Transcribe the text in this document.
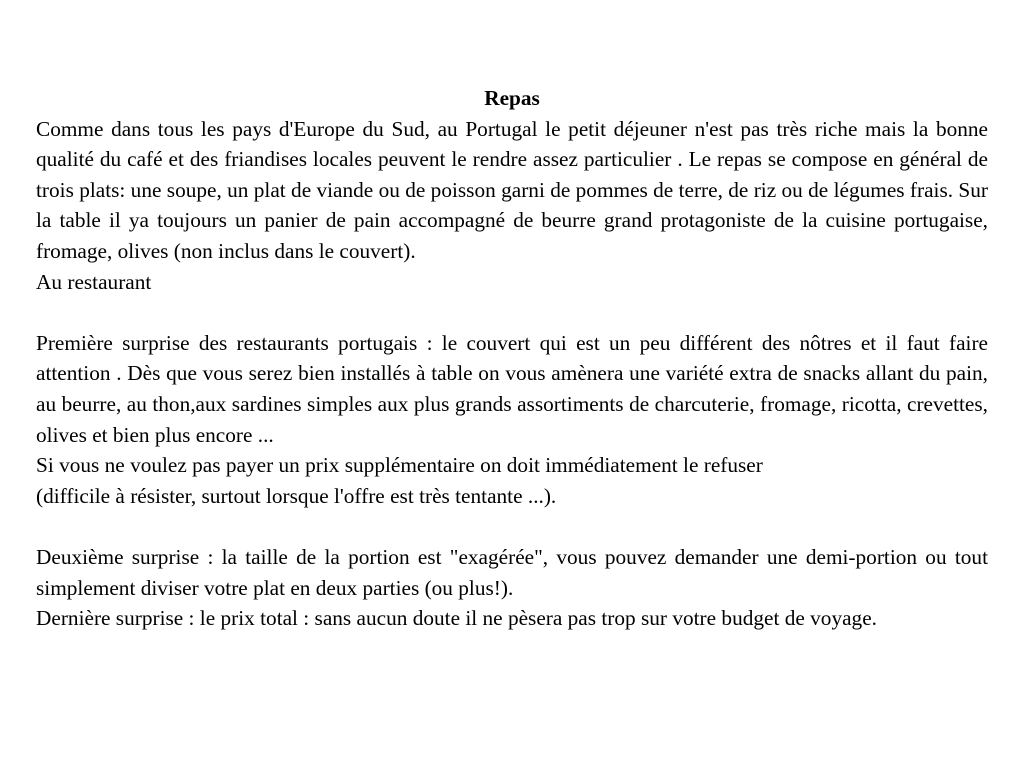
Repas

Comme dans tous les pays d'Europe du Sud, au Portugal le petit déjeuner n'est pas très riche mais la bonne qualité du café et des friandises locales peuvent le rendre assez particulier . Le repas se compose en général de trois plats: une soupe, un plat de viande ou de poisson garni de pommes de terre, de riz ou de légumes frais. Sur la table il ya toujours un panier de pain accompagné de beurre grand protagoniste de la cuisine portugaise, fromage, olives (non inclus dans le couvert).

Au restaurant

Première surprise des restaurants portugais : le couvert qui est un peu différent des nôtres et il faut faire attention . Dès que vous serez bien installés à table on vous amènera une variété extra de snacks allant du pain, au beurre, au thon,aux sardines simples aux plus grands assortiments de charcuterie, fromage, ricotta, crevettes, olives et bien plus encore ...

Si vous ne voulez pas payer un prix supplémentaire on doit immédiatement le refuser

(difficile à résister, surtout lorsque l'offre est très tentante ...).

Deuxième surprise : la taille de la portion est "exagérée", vous pouvez demander une demi-portion ou tout simplement diviser votre plat en deux parties (ou plus!).

Dernière surprise : le prix total : sans aucun doute il ne pèsera pas trop sur votre budget de voyage.
